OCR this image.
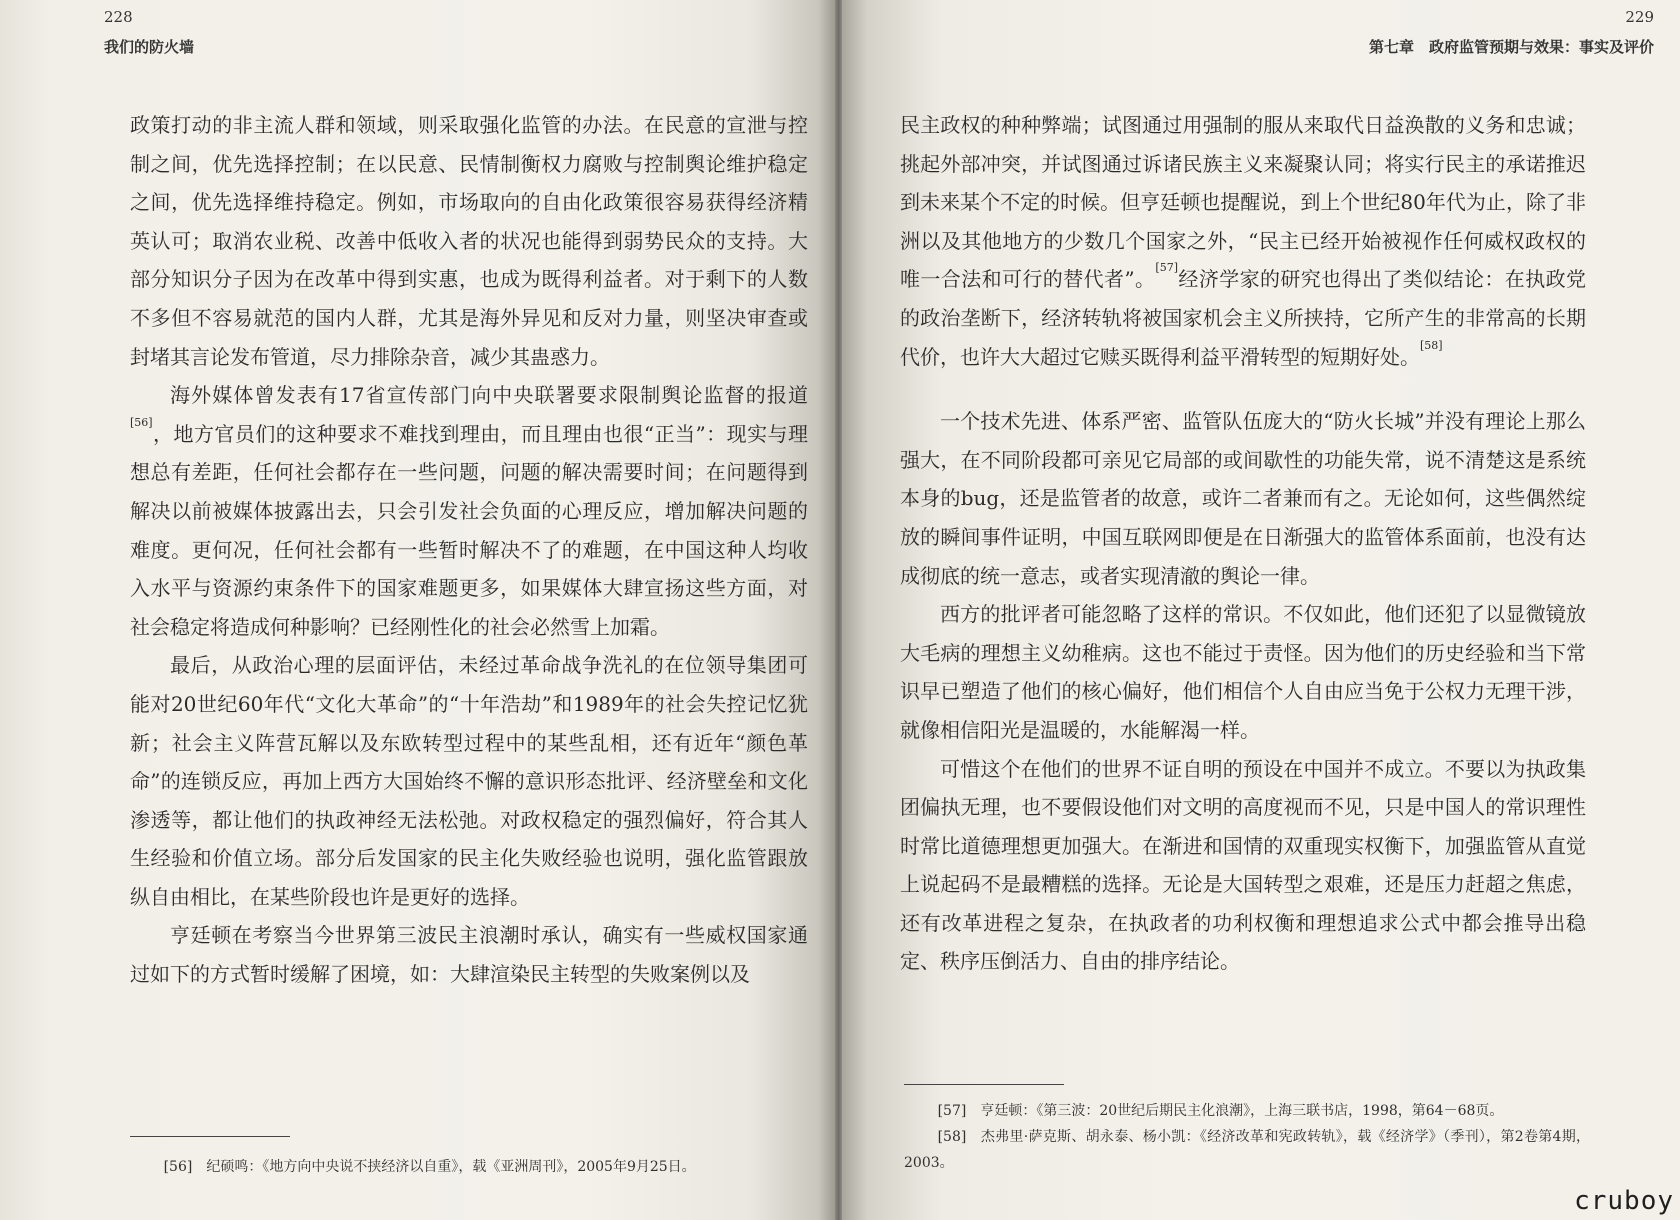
228
我们的防火墙

政策打动的非主流人群和领域，则采取强化监管的办法。在民意的宣泄与控制之间，优先选择控制；在以民意、民情制衡权力腐败与控制舆论维护稳定之间，优先选择维持稳定。例如，市场取向的自由化政策很容易获得经济精英认可；取消农业税、改善中低收入者的状况也能得到弱势民众的支持。大部分知识分子因为在改革中得到实惠，也成为既得利益者。对于剩下的人数不多但不容易就范的国内人群，尤其是海外异见和反对力量，则坚决审查或封堵其言论发布管道，尽力排除杂音，减少其蛊惑力。

海外媒体曾发表有17省宣传部门向中央联署要求限制舆论监督的报道[56]，地方官员们的这种要求不难找到理由，而且理由也很“正当”：现实与理想总有差距，任何社会都存在一些问题，问题的解决需要时间；在问题得到解决以前被媒体披露出去，只会引发社会负面的心理反应，增加解决问题的难度。更何况，任何社会都有一些暂时解决不了的难题，在中国这种人均收入水平与资源约束条件下的国家难题更多，如果媒体大肆宣扬这些方面，对社会稳定将造成何种影响？已经刚性化的社会必然雪上加霜。

最后，从政治心理的层面评估，未经过革命战争洗礼的在位领导集团可能对20世纪60年代“文化大革命”的“十年浩劫”和1989年的社会失控记忆犹新；社会主义阵营瓦解以及东欧转型过程中的某些乱相，还有近年“颜色革命”的连锁反应，再加上西方大国始终不懈的意识形态批评、经济壁垒和文化渗透等，都让他们的执政神经无法松弛。对政权稳定的强烈偏好，符合其人生经验和价值立场。部分后发国家的民主化失败经验也说明，强化监管跟放纵自由相比，在某些阶段也许是更好的选择。

亨廷顿在考察当今世界第三波民主浪潮时承认，确实有一些威权国家通过如下的方式暂时缓解了困境，如：大肆渲染民主转型的失败案例以及

[56]　纪硕鸣：《地方向中央说不挟经济以自重》，载《亚洲周刊》，2005年9月25日。

229
第七章　政府监管预期与效果：事实及评价

民主政权的种种弊端；试图通过用强制的服从来取代日益涣散的义务和忠诚；挑起外部冲突，并试图通过诉诸民族主义来凝聚认同；将实行民主的承诺推迟到未来某个不定的时候。但亨廷顿也提醒说，到上个世纪80年代为止，除了非洲以及其他地方的少数几个国家之外，“民主已经开始被视作任何威权政权的唯一合法和可行的替代者”。[57]经济学家的研究也得出了类似结论：在执政党的政治垄断下，经济转轨将被国家机会主义所挟持，它所产生的非常高的长期代价，也许大大超过它赎买既得利益平滑转型的短期好处。[58]

一个技术先进、体系严密、监管队伍庞大的“防火长城”并没有理论上那么强大，在不同阶段都可亲见它局部的或间歇性的功能失常，说不清楚这是系统本身的bug，还是监管者的故意，或许二者兼而有之。无论如何，这些偶然绽放的瞬间事件证明，中国互联网即便是在日渐强大的监管体系面前，也没有达成彻底的统一意志，或者实现清澈的舆论一律。

西方的批评者可能忽略了这样的常识。不仅如此，他们还犯了以显微镜放大毛病的理想主义幼稚病。这也不能过于责怪。因为他们的历史经验和当下常识早已塑造了他们的核心偏好，他们相信个人自由应当免于公权力无理干涉，就像相信阳光是温暖的，水能解渴一样。

可惜这个在他们的世界不证自明的预设在中国并不成立。不要以为执政集团偏执无理，也不要假设他们对文明的高度视而不见，只是中国人的常识理性时常比道德理想更加强大。在渐进和国情的双重现实权衡下，加强监管从直觉上说起码不是最糟糕的选择。无论是大国转型之艰难，还是压力赶超之焦虑，还有改革进程之复杂，在执政者的功利权衡和理想追求公式中都会推导出稳定、秩序压倒活力、自由的排序结论。

[57]　亨廷顿：《第三波：20世纪后期民主化浪潮》，上海三联书店，1998，第64－68页。

[58]　杰弗里·萨克斯、胡永泰、杨小凯：《经济改革和宪政转轨》，载《经济学》（季刊），第2卷第4期，2003。

cruboy
